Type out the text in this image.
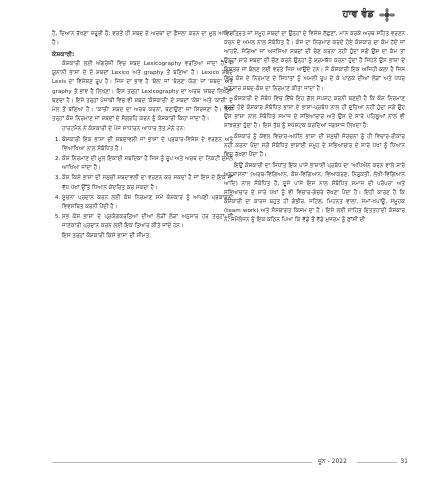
ਹਾਵ ਵੰਡ

ਹੈ, ਦਿਆਨ ਰੱਖਣਾ ਜ਼ਰੂਰੀ ਹੈ; ਵਰਤੋਂ ਹੀ ਸ਼ਬਦ ਦੇ ਅਰਥਾਂ ਦਾ ਫ਼ੈਸਲਾ ਕਰਨ ਦਾ ਮੂਲ ਆਧਾਰ ਹੈ।

ਕੋਸ਼ਕਾਰੀ:

ਕੋਸ਼ਕਾਰੀ ਲਈ ਅੰਗਰੇਜ਼ੀ ਵਿਚ ਸ਼ਬਦ Lexicography ਵਰਤਿਆ ਜਾਂਦਾ ਹੈ, ਜੋ ਯੂਨਾਨੀ ਭਾਸ਼ਾ ਦੇ ਦੋ ਸ਼ਬਦਾਂ Lexico ਅਤੇ graphy ਤੋਂ ਬਣਿਆ ਹੈ। Lexico ਸ਼ਬਦ Lexis ਦਾ ਵਿਸ਼ੇਸ਼ਣ ਰੂਪ ਹੈ। ਜਿਸ ਦਾ ਭਾਵ ਹੈ 'ਬੋਲ' ਜਾਂ 'ਬੋਲਣ' ਯੋਗ' ਜਾਂ 'ਸ਼ਬਦ' ਅਤੇ graphy ਤੋਂ ਭਾਵ ਹੈ ਲਿਖਣਾ। ਇਸ ਤਰ੍ਹਾਂ Lexicography ਦਾ ਅਰਥ 'ਸ਼ਬਦ ਲਿਖਣਾ' ਬਣਦਾ ਹੈ। ਇਸੇ ਤਰ੍ਹਾਂ ਪੰਜਾਬੀ ਵਿਚ ਵੀ ਸ਼ਬਦ 'ਕੋਸ਼ਕਾਰੀ' ਦੋ ਸ਼ਬਦਾਂ 'ਕੋਸ਼' ਅਤੇ 'ਕਾਰੀ' ਦੇ ਮੇਲ ਤੋਂ ਬਣਿਆ ਹੈ। 'ਕਾਰੀ' ਸ਼ਬਦ ਦਾ ਅਰਥ ਕਰਨਾ, ਬਣਾਉਣਾ ਜਾਂ ਸਿਰਜਣਾ ਹੈ। ਇਸ ਤਰ੍ਹਾਂ ਕੋਸ਼ ਨਿਰਮਾਣ ਜਾਂ ਸ਼ਬਦਾਂ ਦੇ ਸੰਗ੍ਰਹਿ ਕਰਨ ਨੂੰ ਕੋਸ਼ਕਾਰੀ ਕਿਹਾ ਜਾਂਦਾ ਹੈ।

ਹਾਰਟਮੈਨ ਨੇ ਕੋਸ਼ਕਾਰੀ ਦੇ ਪੰਜ ਸਾਧਾਰਨ ਆਧਾਰ ਤੱਤ ਮੰਨੇ ਹਨ:

1. ਕੋਸ਼ਕਾਰੀ ਇਕ ਭਾਸ਼ਾ ਦੀ ਸ਼ਬਦਾਵਲੀ ਜਾਂ ਭਾਸ਼ਾ ਦੇ ਪ੍ਰਕਾਰ-ਵਿਸ਼ੇਸ਼ ਦੇ ਵਰਣਨ ਅਤੇ ਵਿਆਖਿਆ ਨਾਲ ਸੰਬੰਧਿਤ ਹੈ।
2. ਕੋਸ਼ ਨਿਰਮਾਣ ਦੀ ਮੂਲ ਇਕਾਈ ਸ਼ਬਦਿਕਾ ਹੈ ਜਿਸ ਨੂੰ ਰੂਪ ਅਤੇ ਅਰਥ ਦਾ ਨਿਕਟੀ ਸੁਮੇਲ ਆਖਿਆ ਜਾਂਦਾ ਹੈ।
3. ਕੋਸ਼ ਕਿਸੇ ਭਾਸ਼ਾ ਦੀ ਸਮੁੱਚੀ ਸ਼ਬਦਾਵਲੀ ਦਾ ਵਰਣਨ ਕਰ ਸਕਦਾ ਹੈ ਜਾਂ ਇਸ ਦੇ ਇਕ ਜਾਂ ਵੱਧ ਪੱਖਾਂ ਉੱਤੇ ਧਿਆਨ ਕੇਂਦਰਿਤ ਕਰ ਸਕਦਾ ਹੈ।
4. ਸੂਚਨਾ ਪ੍ਰਦਾਨ ਕਰਨ ਲਈ ਕੋਸ਼ ਨਿਰਮਾਣ ਸਮੇਂ ਕੋਸ਼ਕਾਰ ਨੂੰ ਆਪਣੀ ਪ੍ਰਕਾਸ਼ਨਾ ਵਿਵਸਥਿਤ ਕਰਨੀ ਪੈਂਦੀ ਹੈ।
5. ਸਭ ਕੋਸ਼ ਭਾਸ਼ਾ ਦੇ ਪ੍ਰਯੋਗਕਰਤਿਆਂ ਦੀਆਂ ਲੋੜੀਂ ਲੋੜਾਂ ਅਨੁਸਾਰ ਹਰ ਤਰ੍ਹਾਂ ਦੀ ਜਾਣਕਾਰੀ ਪ੍ਰਦਾਨ ਕਰਨ ਲਈ ਇਕ ਤਿਆਰ ਕੀਤੇ ਜਾਂਦੇ ਹਨ।

ਇਸ ਤਰ੍ਹਾਂ ਕੋਸ਼ਕਾਰੀ ਕਿਸੇ ਭਾਸ਼ਾ ਦੀ ਸੀਮਤ,

ਵਿਸਤ੍ਰਿਤ ਜਾਂ ਸਮੂਹ ਸ਼ਬਦਾਂ ਦਾ ਉਨ੍ਹਾਂ ਦੇ ਵਿਸ਼ੇਸ਼ ਲੱਛਣਾਂ, ਮਾਨ ਕਰਕੇ ਅਰਥ ਸਹਿਤ ਵਰਣਨ ਕਰਨ ਦੇ ਅਮਲ ਨਾਲ ਸੰਬੰਧਿਤ ਹੈ। ਕੋਸ਼ ਦਾ ਨਿਰਮਾਣ ਕਰਦੇ ਹੋਏ ਕੋਸ਼ਕਾਰ ਦਾ ਕੰਮ ਹੱਦੋਂ ਜਾਂ ਆਹਰੋਂ, ਸੰਗਿਆ ਜਾਂ ਅਜਸਿਆ ਸ਼ਬਦਾਂ ਦੀ ਚੋਣ ਕਰਨਾ ਨਹੀਂ ਹੁੰਦਾ ਸਗੋਂ ਉਸ ਦਾ ਕੰਮ ਤਾਂ ਉਨ੍ਹਾਂ ਸਾਰੇ ਸ਼ਬਦਾਂ ਦੀ ਚੋਣ ਕਰਨੇ ਉਨ੍ਹਾਂ ਨੂੰ ਸ਼੍ਰਮਬੱਧ ਕਰਨਾ ਹੁੰਦਾ ਹੈ ਜਿਹਨੇ ਉਸ ਭਾਸ਼ਾ ਦੇ ਇਸਤਰ ਜਾਂ ਬੋਲਣ ਲਈ ਵਰਤੇ ਜਿਸ ਆਉਂਦੇ ਹਨ। ਸੋ ਕੋਸ਼ਕਾਰੀ ਇਕ ਅਜਿਹੀ ਕਲਾ ਹੈ ਜਿਸ ਵਿਚ ਕੋਸ਼ ਦੇ ਨਿਰਮਾਣ ਦੇ ਸਿਧਾਂਤਾਂ ਨੂੰ ਅਮਲੀ ਰੂਪ ਦੇ ਕੇ ਪਾਠਕ ਦੀਆਂ ਲੋੜਾਂ ਅਤੇ ਪੱਧਰ ਅਨੁਸਾਰ ਸ਼ਬਦ-ਕੋਸ਼ ਦਾ ਨਿਰਮਾਣ ਕੀਤਾ ਜਾਂਦਾ ਹੈ।

ਕੋਸ਼ਕਾਰੀ ਦੇ ਸੰਬੰਧ ਵਿਚ ਇੱਥੇ ਇਹ ਗੱਲ ਸਪਸ਼ਟ ਕਰਨੀ ਬਣਦੀ ਹੈ ਕਿ ਕੋਸ਼ ਨਿਰਮਾਣ ਕਰਦੇ ਹੋਏ ਕੋਸ਼ਕਾਰ ਸੰਬੰਧਿਤ ਭਾਸ਼ਾ ਦੇ ਭਾਸ਼ਾ-ਪ੍ਰਬੰਧ ਨਾਲ ਹੀ ਦੁਹਿਆ ਨਹੀਂ ਹੁੰਦਾ ਸਗੋਂ ਉਹ ਉਸ ਭਾਸ਼ਾ ਨਾਲ ਸੰਬੰਧਿਤ ਸਮਾਜ ਦੇ ਸਭਿਆਚਾਰ ਅਤੇ ਉਸ ਦੇ ਸਾਰੇ ਪਹਿਲੂਆਂ ਨਾਲ ਵੀ ਸ਼ਾਂਝਰਤਾ ਹੁੰਦਾ ਹੈ। ਇਸ ਤੱਥ ਨੂੰ ਸਪੱਸ਼ਟਕ ਕਰਦਿਆਂ ਜਗਸਾਜ ਲਿਖਦਾ ਹੈ:

ਕੋਸ਼ਕਾਰ ਨੂੰ ਕੇਵਲ ਵਿਚਾਰ-ਅਧੀਨ ਭਾਸ਼ਾ ਦੀ ਸਮੁੱਚੀ ਸੰਰਚਨਾ ਨੂੰ ਹੀ ਵਿਚਾਰ-ਰੀਕਾਰ ਨਹੀਂ ਕਰਨਾ ਪੈਂਦਾ ਸਗੋਂ ਸੰਬੰਧਿਤ ਭਾਸ਼ਾਈ ਸਮੂਹ ਦੇ ਸਭਿਆਚਾਰ ਦੇ ਸਾਰੇ ਪੱਖਾਂ ਨੂੰ ਧਿਆਨ ਵਿਚ ਰੱਖਣਾ ਪੈਂਦਾ ਹੈ।

ਇਉਂ ਕੋਸ਼ਕਾਰੀ ਦਾ ਸਿਧਾਂਤ ਇਕ ਪਾਸੇ ਭਾਸ਼ਾਈ ਪ੍ਰਬੰਧ ਦਾ 'ਅਧਿਐਨ ਕਰਨ ਵਾਲੇ ਸਾਰੇ ਅਨੁਸ਼ਾਸਨਾਂ' (ਅਰਥ-ਵਿਗਿਆਨ, ਕੋਸ਼-ਵਿਗਿਆਨ, ਵਿਆਕਰਣ, ਨਿਰੁਕਤੀ, ਲੇਖੀ-ਵਿਗਿਆਨ ਆਦਿ) ਨਾਲ ਸੰਬੰਧਿਤ ਹੈ, ਦੂਜੇ ਪਾਸੇ ਇਸ ਨਾਲ ਸੰਬੰਧਿਤ ਸਮਾਜ ਦੀ ਪਰੰਪਰਾ ਅਤੇ ਸਭਿਆਚਾਰ ਦੇ ਸਾਰੇ ਪੱਖਾਂ ਨੂੰ ਵੀ ਵਿਚਾਰ-ਗੋਚਰੇ ਰੱਖਣਾ ਪੈਂਦਾ ਹੈ। ਇਹੀ ਕਾਰਣ ਹੈ ਕਿ ਕੋਸ਼ਕਾਰੀ ਦਾ ਕਾਰਜ ਬਹੁਤ ਹੀ ਗੰਭੀਰ, ਜਟਿਲ, ਮਿਹਨਤ ਵਾਲਾ, ਸਮਾਂ-ਖਪਾਊ, ਸਮੂਹਕ (team work) ਅਤੇ ਸੰਸਥਾਗਤ ਕਿਸਮ ਦਾ ਹੈ। ਇਸੇ ਲਈ ਸਾਹਿਤ ਇਤਤਹਾਦੀ ਕੋਸ਼ਕਾਰ ਨੇ, ਸਮੈਲੋਜਨ ਨੂੰ ਇਕ ਕਠਿਨ ਪਿਆ ਕਿ ਵੱਡੇ ਤੋਂ ਵੱਡੇ ਮੁਜਰਮ ਨੂੰ ਫਾਂਸੀ ਦੀ

ਜੂਨ - 2022	31
